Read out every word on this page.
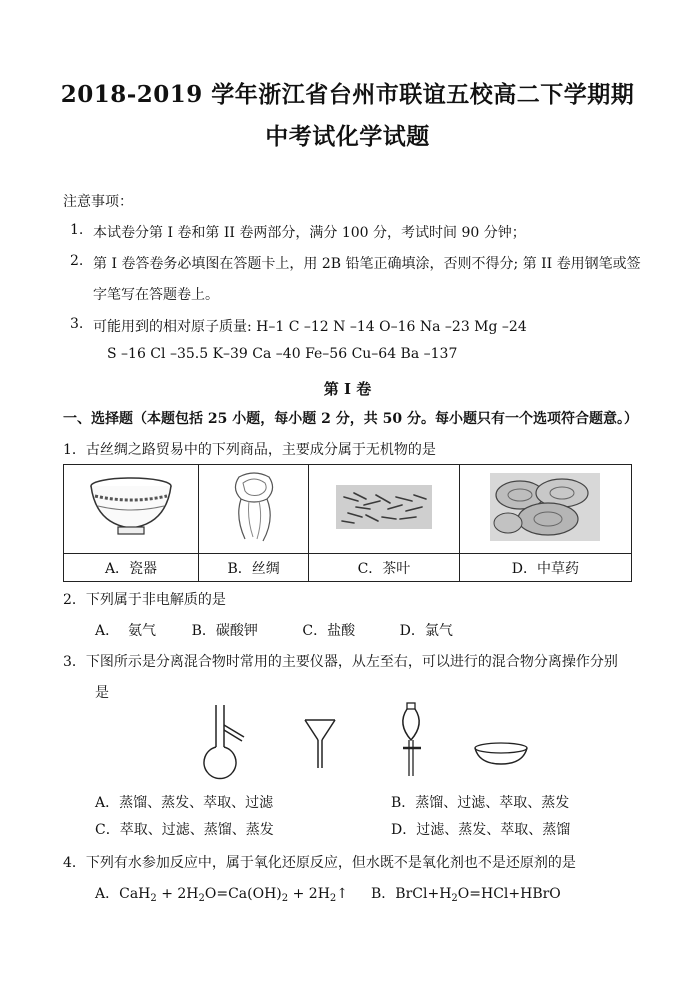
2018-2019 学年浙江省台州市联谊五校高二下学期期
中考试化学试题
注意事项：
1. 本试卷分第 I 卷和第 II 卷两部分，满分 100 分，考试时间 90 分钟；
2. 第 I 卷答卷务必填图在答题卡上，用 2B 铅笔正确填涂，否则不得分; 第 II 卷用钢笔或签
字笔写在答题卷上。
3. 可能用到的相对原子质量: H–1 C –12 N –14 O–16 Na –23 Mg –24
S –16 Cl –35.5 K–39 Ca –40 Fe–56 Cu–64 Ba –137
第 I 卷
一、选择题（本题包括 25 小题，每小题 2 分，共 50 分。每小题只有一个选项符合题意。）
1．古丝绸之路贸易中的下列商品，主要成分属于无机物的是

A．瓷器	B．丝绸	C．茶叶	D．中草药
2．下列属于非电解质的是
A．  氨气        B．碳酸钾          C．盐酸          D．氯气
3．下图所示是分离混合物时常用的主要仪器，从左至右，可以进行的混合物分离操作分别
是
A．蒸馏、蒸发、萃取、过滤	B．蒸馏、过滤、萃取、蒸发
C．萃取、过滤、蒸馏、蒸发	D．过滤、蒸发、萃取、蒸馏
4．下列有水参加反应中，属于氧化还原反应，但水既不是氧化剂也不是还原剂的是
A．$CaH_2 + 2H_2O=Ca(OH)_2$ + $2H_2↑$ B．$BrCl+H_2O=HCl+HBrO$
